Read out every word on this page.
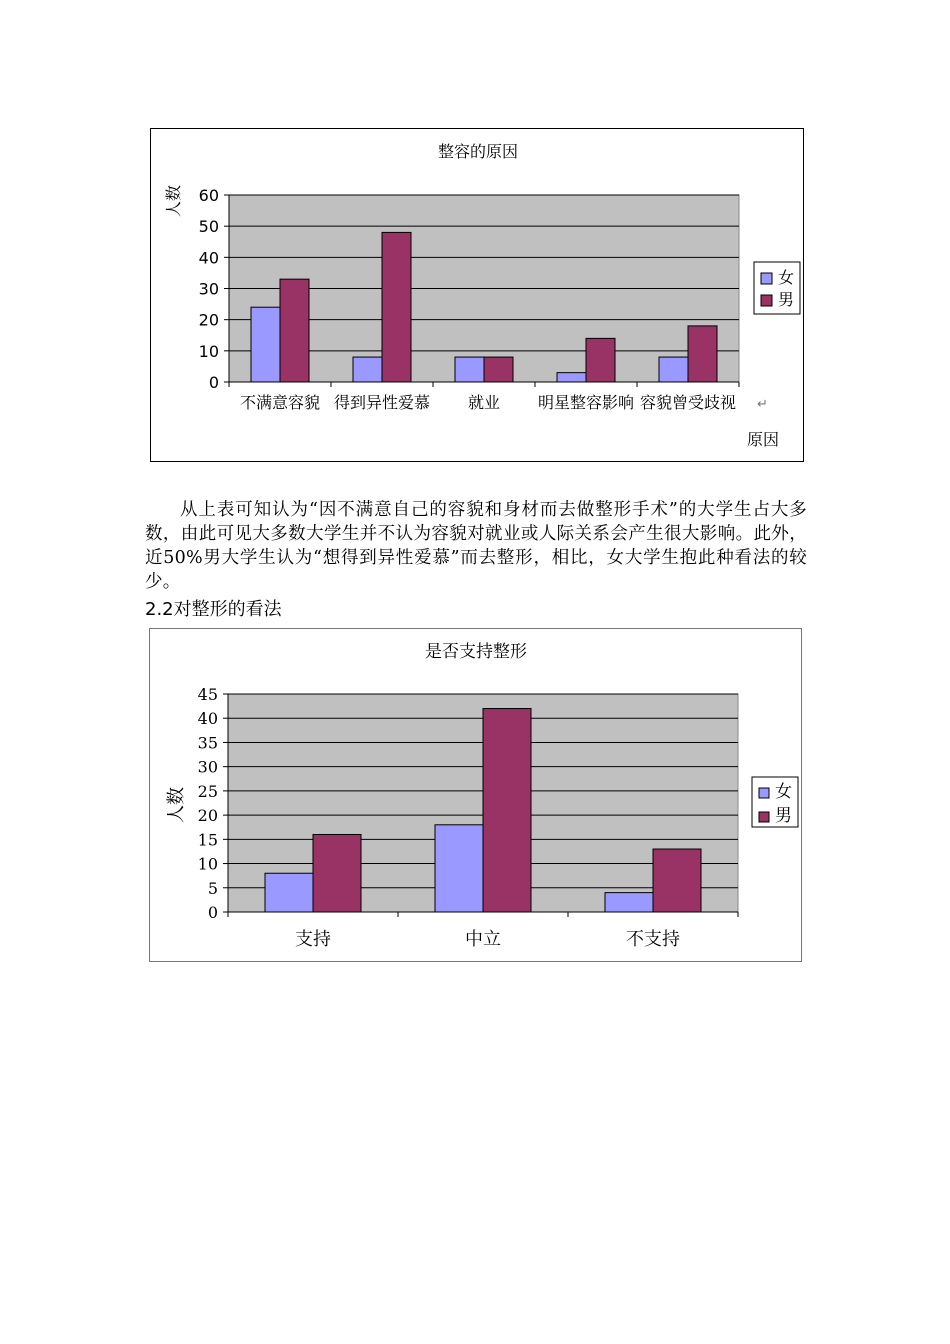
整容的原因
人数
原因
0
10
20
30
40
50
60
不满意容貌 得到异性爱慕 就业 明星整容影响 容貌曾受歧视 ↵
女
男
从上表可知认为“因不满意自己的容貌和身材而去做整形手术”的大学生占大多数，由此可见大多数大学生并不认为容貌对就业或人际关系会产生很大影响。此外，近50%男大学生认为“想得到异性爱慕”而去整形，相比，女大学生抱此种看法的较少。
2.2对整形的看法
是否支持整形
人数
0
5
10
15
20
25
30
35
40
45
支持	中立	不支持
女
男
